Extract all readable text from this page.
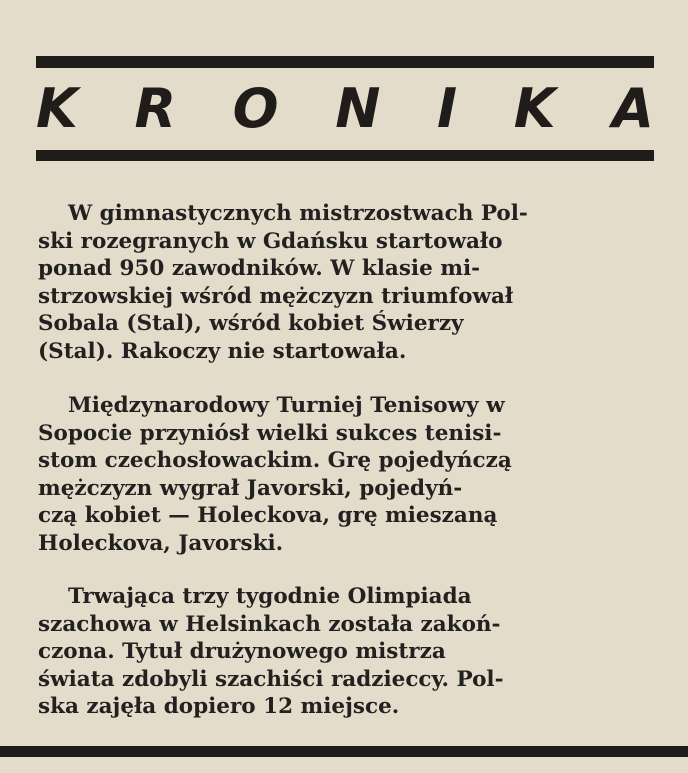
K R O N I K A
W gimnastycznych mistrzostwach Pol-
ski rozegranych w Gdańsku startowało
ponad 950 zawodników. W klasie mi-
strzowskiej wśród mężczyzn triumfował
Sobala (Stal), wśród kobiet Świerzy
(Stal). Rakoczy nie startowała.
Międzynarodowy Turniej Tenisowy w
Sopocie przyniósł wielki sukces tenisi-
stom czechosłowackim. Grę pojedyńczą
mężczyzn wygrał Javorski, pojedyń-
czą kobiet — Holeckova, grę mieszaną
Holeckova, Javorski.
Trwająca trzy tygodnie Olimpiada
szachowa w Helsinkach została zakoń-
czona. Tytuł drużynowego mistrza
świata zdobyli szachiści radzieccy. Pol-
ska zajęła dopiero 12 miejsce.
